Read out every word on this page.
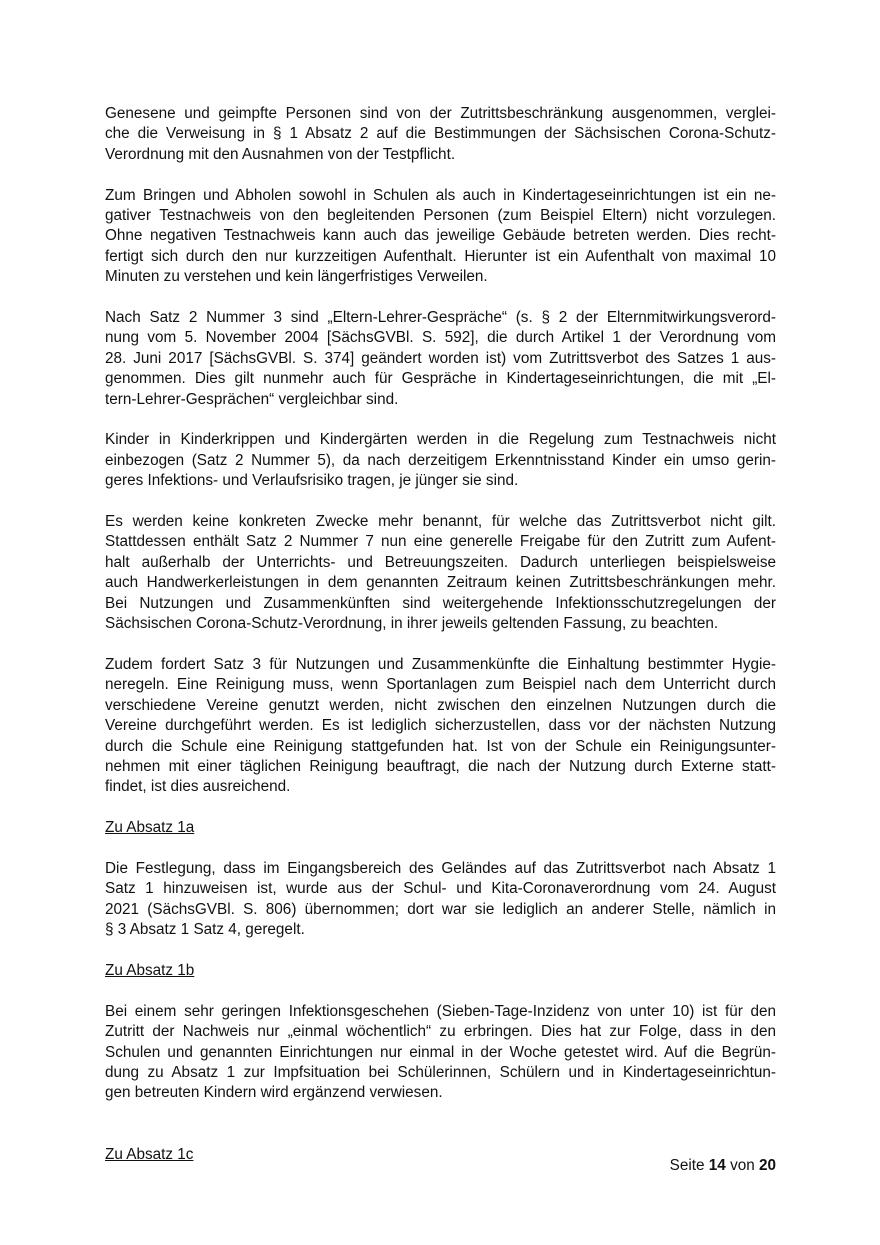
Genesene und geimpfte Personen sind von der Zutrittsbeschränkung ausgenommen, verglei-
che die Verweisung in § 1 Absatz 2 auf die Bestimmungen der Sächsischen Corona-Schutz-
Verordnung mit den Ausnahmen von der Testpflicht.
Zum Bringen und Abholen sowohl in Schulen als auch in Kindertageseinrichtungen ist ein ne-
gativer Testnachweis von den begleitenden Personen (zum Beispiel Eltern) nicht vorzulegen.
Ohne negativen Testnachweis kann auch das jeweilige Gebäude betreten werden. Dies recht-
fertigt sich durch den nur kurzzeitigen Aufenthalt. Hierunter ist ein Aufenthalt von maximal 10
Minuten zu verstehen und kein längerfristiges Verweilen.
Nach Satz 2 Nummer 3 sind „Eltern-Lehrer-Gespräche“ (s. § 2 der Elternmitwirkungsverord-
nung vom 5. November 2004 [SächsGVBl. S. 592], die durch Artikel 1 der Verordnung vom
28. Juni 2017 [SächsGVBl. S. 374] geändert worden ist) vom Zutrittsverbot des Satzes 1 aus-
genommen. Dies gilt nunmehr auch für Gespräche in Kindertageseinrichtungen, die mit „El-
tern-Lehrer-Gesprächen“ vergleichbar sind.
Kinder in Kinderkrippen und Kindergärten werden in die Regelung zum Testnachweis nicht
einbezogen (Satz 2 Nummer 5), da nach derzeitigem Erkenntnisstand Kinder ein umso gerin-
geres Infektions- und Verlaufsrisiko tragen, je jünger sie sind.
Es werden keine konkreten Zwecke mehr benannt, für welche das Zutrittsverbot nicht gilt.
Stattdessen enthält Satz 2 Nummer 7 nun eine generelle Freigabe für den Zutritt zum Aufent-
halt außerhalb der Unterrichts- und Betreuungszeiten. Dadurch unterliegen beispielsweise
auch Handwerkerleistungen in dem genannten Zeitraum keinen Zutrittsbeschränkungen mehr.
Bei Nutzungen und Zusammenkünften sind weitergehende Infektionsschutzregelungen der
Sächsischen Corona-Schutz-Verordnung, in ihrer jeweils geltenden Fassung, zu beachten.
Zudem fordert Satz 3 für Nutzungen und Zusammenkünfte die Einhaltung bestimmter Hygie-
neregeln. Eine Reinigung muss, wenn Sportanlagen zum Beispiel nach dem Unterricht durch
verschiedene Vereine genutzt werden, nicht zwischen den einzelnen Nutzungen durch die
Vereine durchgeführt werden. Es ist lediglich sicherzustellen, dass vor der nächsten Nutzung
durch die Schule eine Reinigung stattgefunden hat. Ist von der Schule ein Reinigungsunter-
nehmen mit einer täglichen Reinigung beauftragt, die nach der Nutzung durch Externe statt-
findet, ist dies ausreichend.
Zu Absatz 1a
Die Festlegung, dass im Eingangsbereich des Geländes auf das Zutrittsverbot nach Absatz 1
Satz 1 hinzuweisen ist, wurde aus der Schul- und Kita-Coronaverordnung vom 24. August
2021 (SächsGVBl. S. 806) übernommen; dort war sie lediglich an anderer Stelle, nämlich in
§ 3 Absatz 1 Satz 4, geregelt.
Zu Absatz 1b
Bei einem sehr geringen Infektionsgeschehen (Sieben-Tage-Inzidenz von unter 10) ist für den
Zutritt der Nachweis nur „einmal wöchentlich“ zu erbringen. Dies hat zur Folge, dass in den
Schulen und genannten Einrichtungen nur einmal in der Woche getestet wird. Auf die Begrün-
dung zu Absatz 1 zur Impfsituation bei Schülerinnen, Schülern und in Kindertageseinrichtun-
gen betreuten Kindern wird ergänzend verwiesen.
Zu Absatz 1c
Seite 14 von 20
